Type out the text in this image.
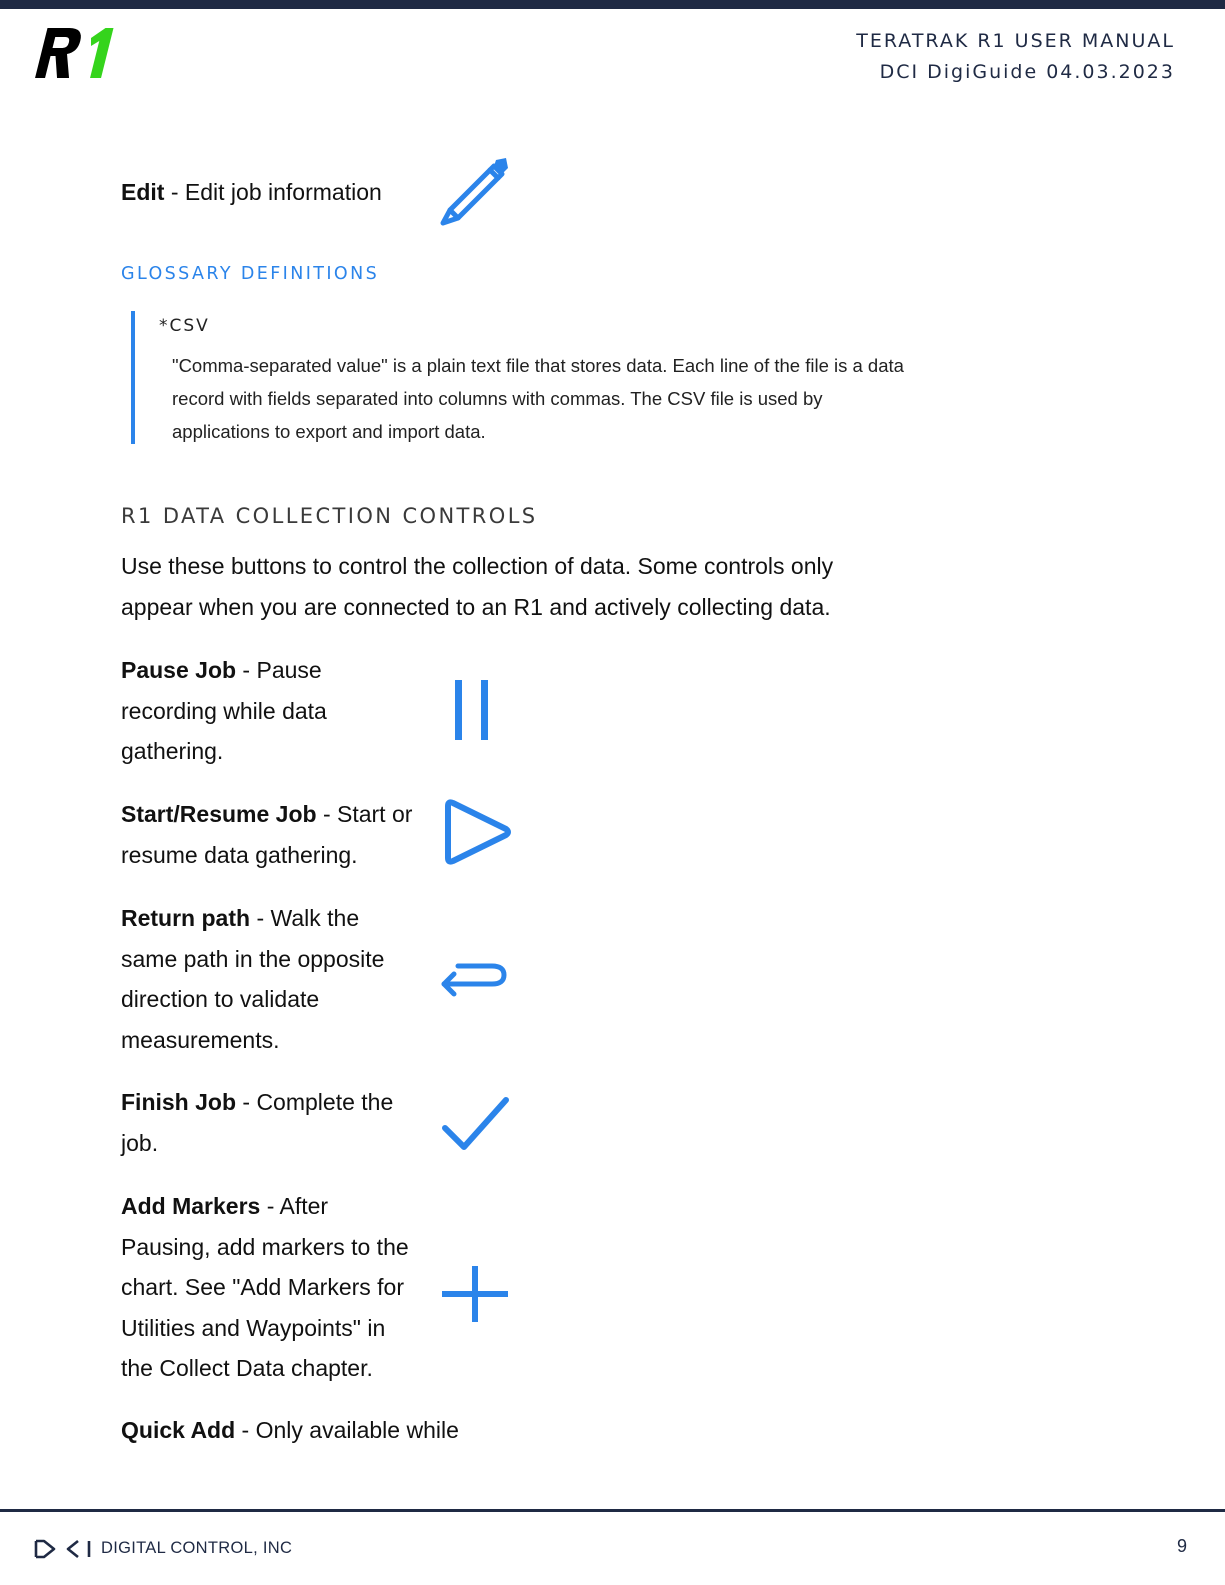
TERATRAK R1 USER MANUAL
DCI DigiGuide 04.03.2023
Edit - Edit job information
GLOSSARY DEFINITIONS
*CSV
"Comma-separated value" is a plain text file that stores data. Each line of the file is a data record with fields separated into columns with commas. The CSV file is used by applications to export and import data.
R1 DATA COLLECTION CONTROLS
Use these buttons to control the collection of data. Some controls only appear when you are connected to an R1 and actively collecting data.
Pause Job - Pause recording while data gathering.
Start/Resume Job - Start or resume data gathering.
Return path - Walk the same path in the opposite direction to validate measurements.
Finish Job - Complete the job.
Add Markers - After Pausing, add markers to the chart. See "Add Markers for Utilities and Waypoints" in the Collect Data chapter.
Quick Add - Only available while
DIGITAL CONTROL, INC	9
